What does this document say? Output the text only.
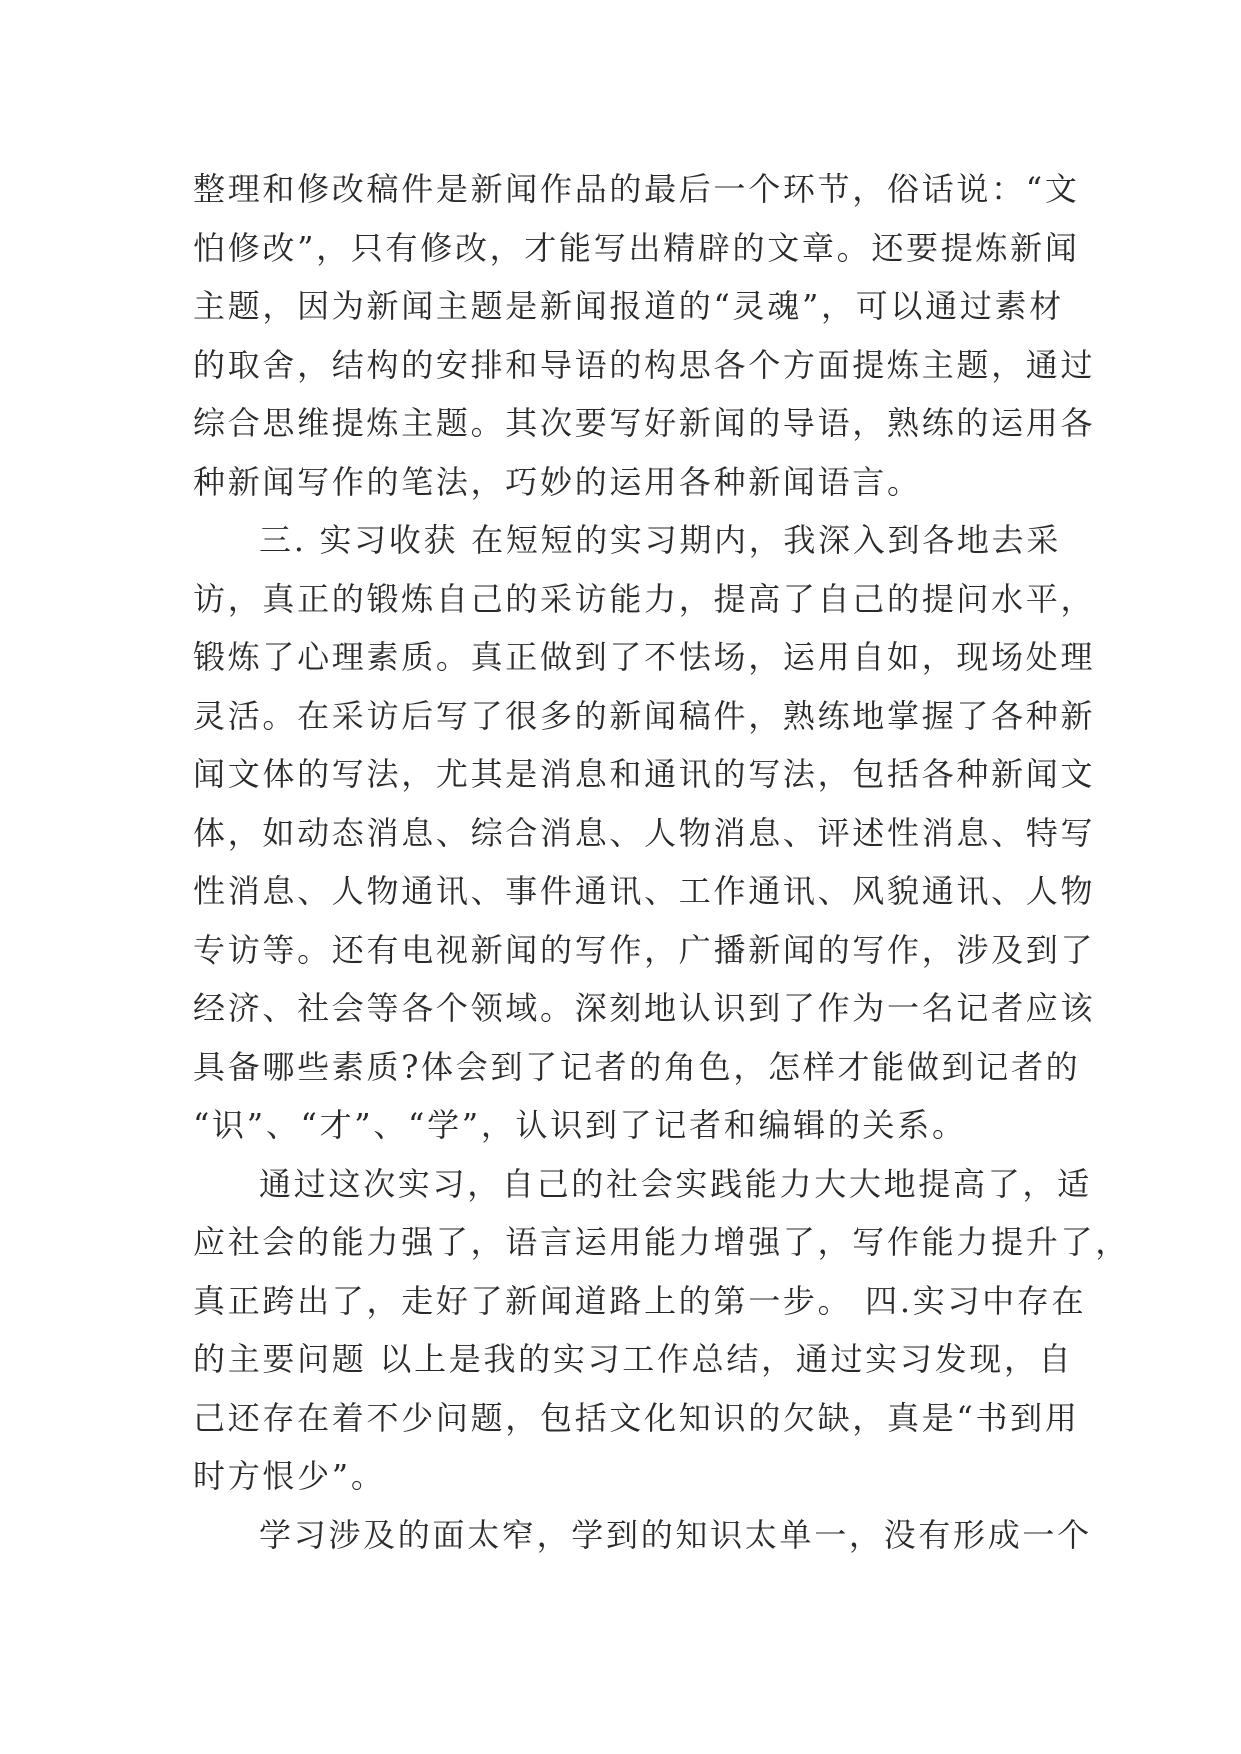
整理和修改稿件是新闻作品的最后一个环节，俗话说：“文
怕修改”，只有修改，才能写出精辟的文章。还要提炼新闻
主题，因为新闻主题是新闻报道的“灵魂”，可以通过素材
的取舍，结构的安排和导语的构思各个方面提炼主题，通过
综合思维提炼主题。其次要写好新闻的导语，熟练的运用各
种新闻写作的笔法，巧妙的运用各种新闻语言。
三. 实习收获 在短短的实习期内，我深入到各地去采
访，真正的锻炼自己的采访能力，提高了自己的提问水平，
锻炼了心理素质。真正做到了不怯场，运用自如，现场处理
灵活。在采访后写了很多的新闻稿件，熟练地掌握了各种新
闻文体的写法，尤其是消息和通讯的写法，包括各种新闻文
体，如动态消息、综合消息、人物消息、评述性消息、特写
性消息、人物通讯、事件通讯、工作通讯、风貌通讯、人物
专访等。还有电视新闻的写作，广播新闻的写作，涉及到了
经济、社会等各个领域。深刻地认识到了作为一名记者应该
具备哪些素质?体会到了记者的角色，怎样才能做到记者的
“识”、“才”、“学”，认识到了记者和编辑的关系。
通过这次实习，自己的社会实践能力大大地提高了，适
应社会的能力强了，语言运用能力增强了，写作能力提升了，
真正跨出了，走好了新闻道路上的第一步。 四.实习中存在
的主要问题 以上是我的实习工作总结，通过实习发现，自
己还存在着不少问题，包括文化知识的欠缺，真是“书到用
时方恨少”。
学习涉及的面太窄，学到的知识太单一，没有形成一个
